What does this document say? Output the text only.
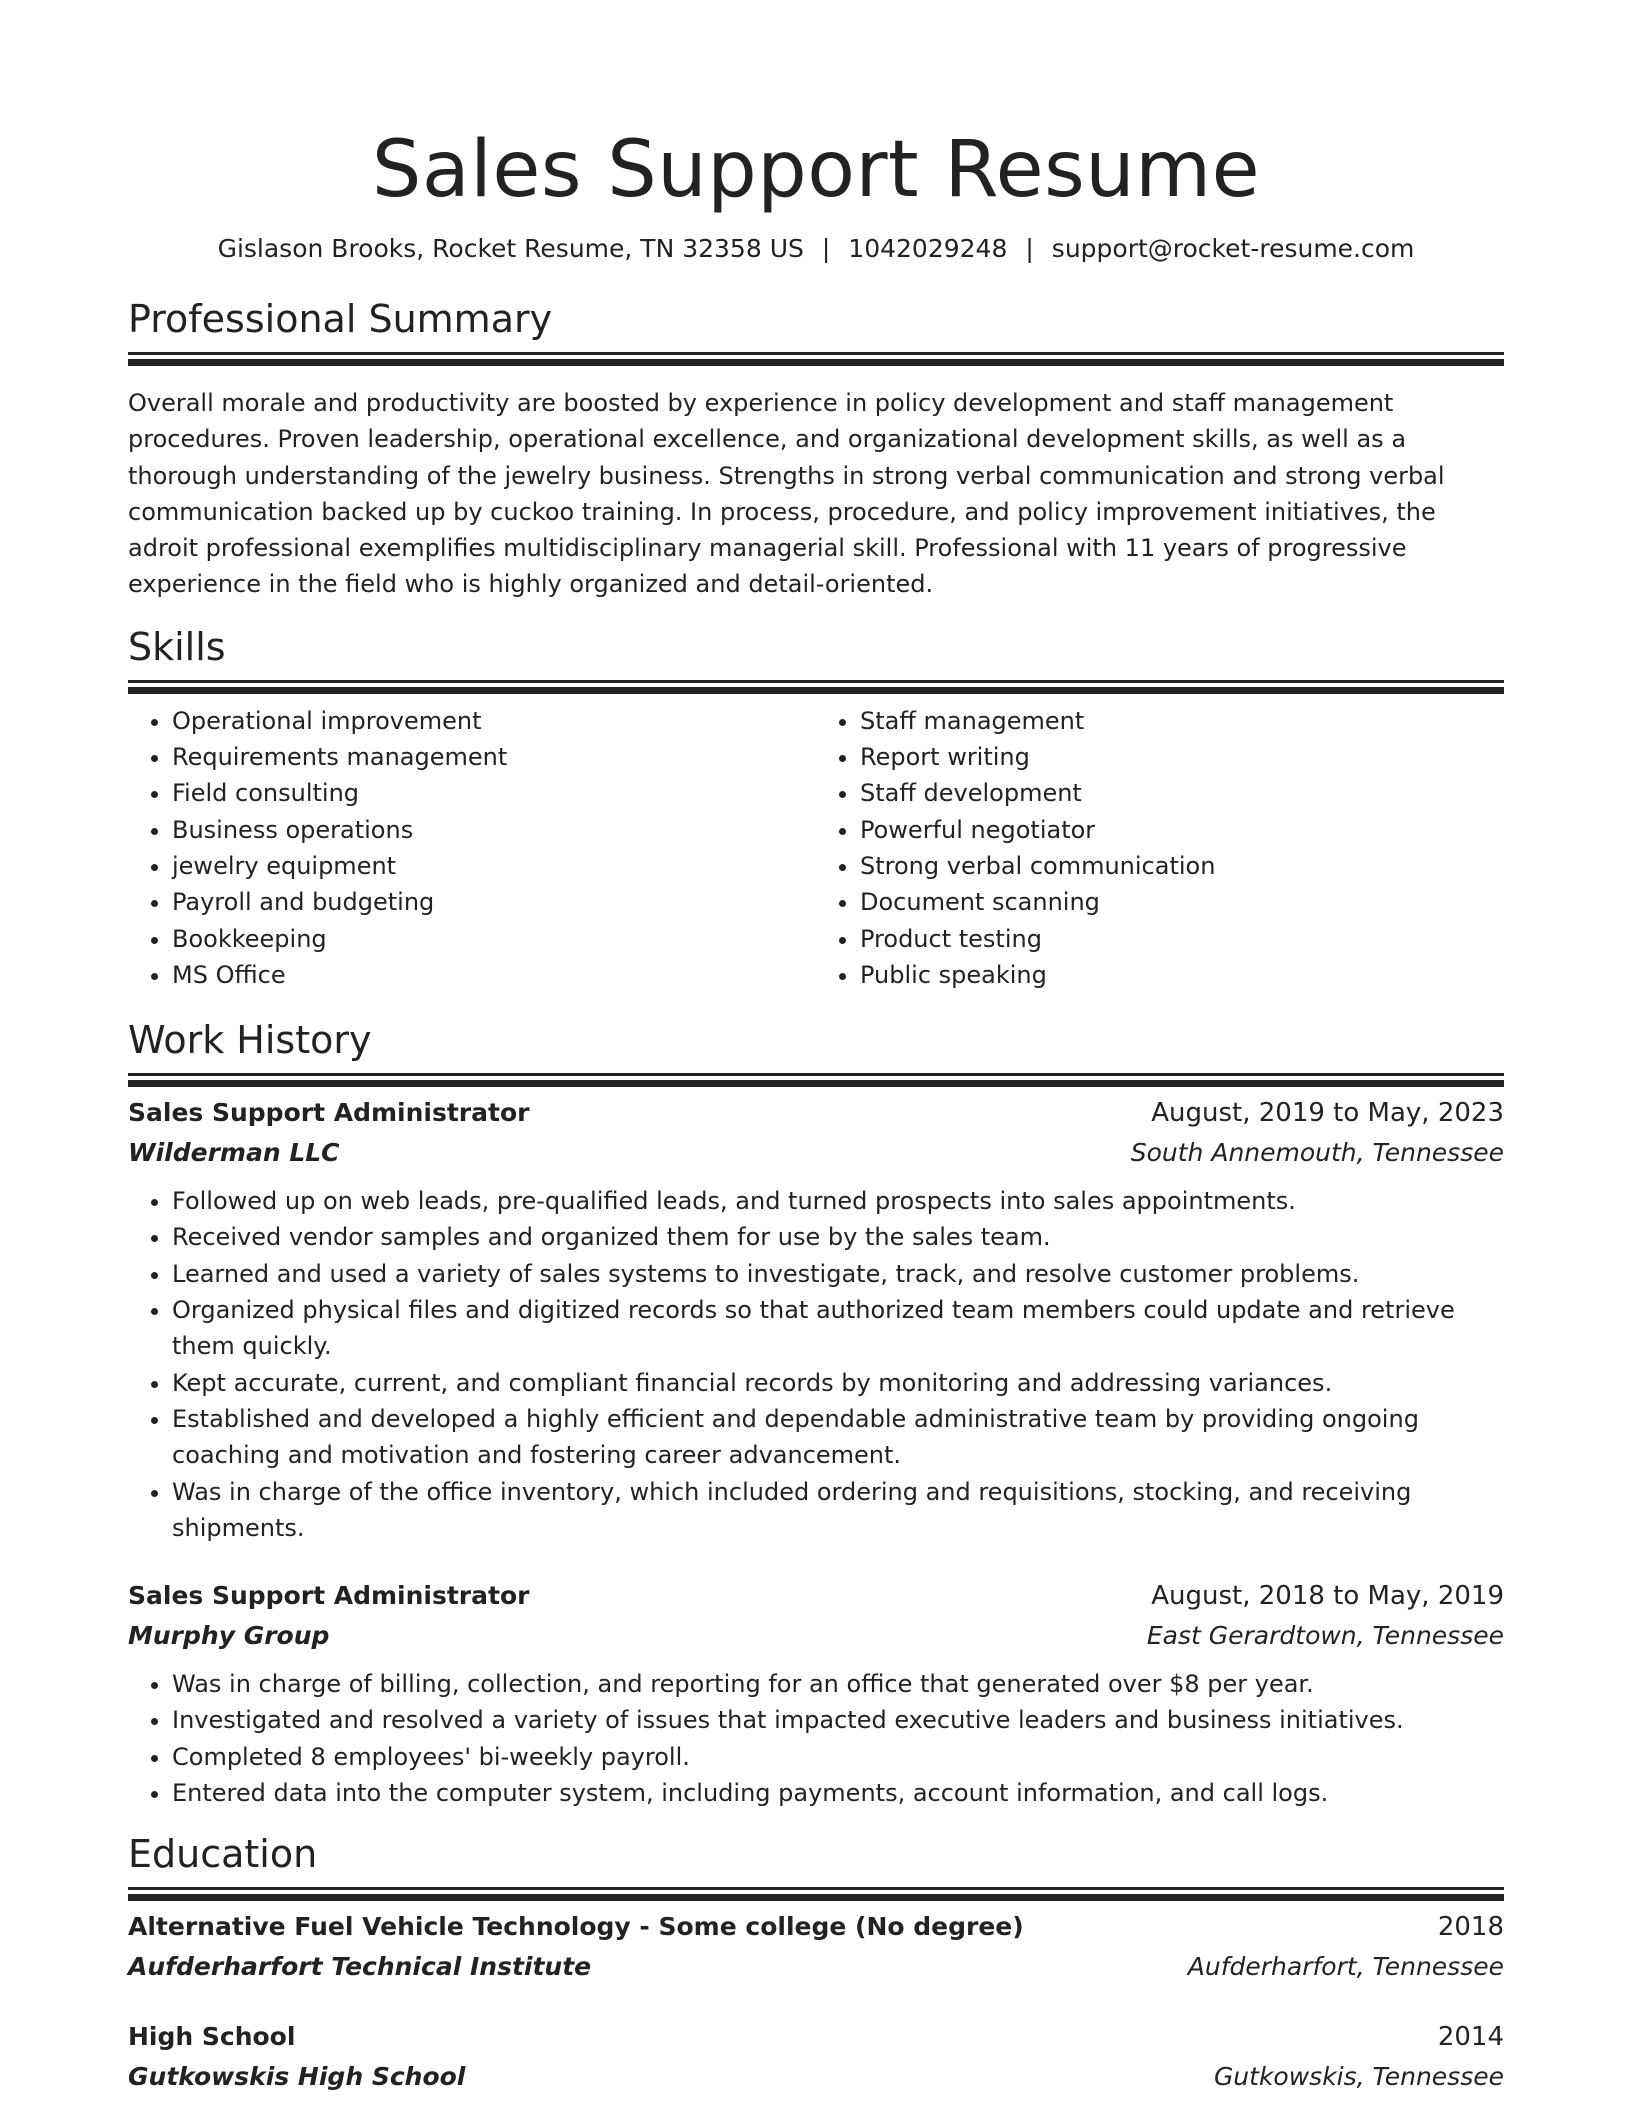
Sales Support Resume
Gislason Brooks, Rocket Resume, TN 32358 US | 1042029248 | support@rocket-resume.com
Professional Summary
Overall morale and productivity are boosted by experience in policy development and staff management procedures. Proven leadership, operational excellence, and organizational development skills, as well as a thorough understanding of the jewelry business. Strengths in strong verbal communication and strong verbal communication backed up by cuckoo training. In process, procedure, and policy improvement initiatives, the adroit professional exemplifies multidisciplinary managerial skill. Professional with 11 years of progressive experience in the field who is highly organized and detail-oriented.
Skills
• Operational improvement
• Requirements management
• Field consulting
• Business operations
• jewelry equipment
• Payroll and budgeting
• Bookkeeping
• MS Office
• Staff management
• Report writing
• Staff development
• Powerful negotiator
• Strong verbal communication
• Document scanning
• Product testing
• Public speaking
Work History
Sales Support Administrator	August, 2019 to May, 2023
Wilderman LLC	South Annemouth, Tennessee
• Followed up on web leads, pre-qualified leads, and turned prospects into sales appointments.
• Received vendor samples and organized them for use by the sales team.
• Learned and used a variety of sales systems to investigate, track, and resolve customer problems.
• Organized physical files and digitized records so that authorized team members could update and retrieve them quickly.
• Kept accurate, current, and compliant financial records by monitoring and addressing variances.
• Established and developed a highly efficient and dependable administrative team by providing ongoing coaching and motivation and fostering career advancement.
• Was in charge of the office inventory, which included ordering and requisitions, stocking, and receiving shipments.
Sales Support Administrator	August, 2018 to May, 2019
Murphy Group	East Gerardtown, Tennessee
• Was in charge of billing, collection, and reporting for an office that generated over $8 per year.
• Investigated and resolved a variety of issues that impacted executive leaders and business initiatives.
• Completed 8 employees' bi-weekly payroll.
• Entered data into the computer system, including payments, account information, and call logs.
Education
Alternative Fuel Vehicle Technology - Some college (No degree)	2018
Aufderharfort Technical Institute	Aufderharfort, Tennessee
High School	2014
Gutkowskis High School	Gutkowskis, Tennessee
